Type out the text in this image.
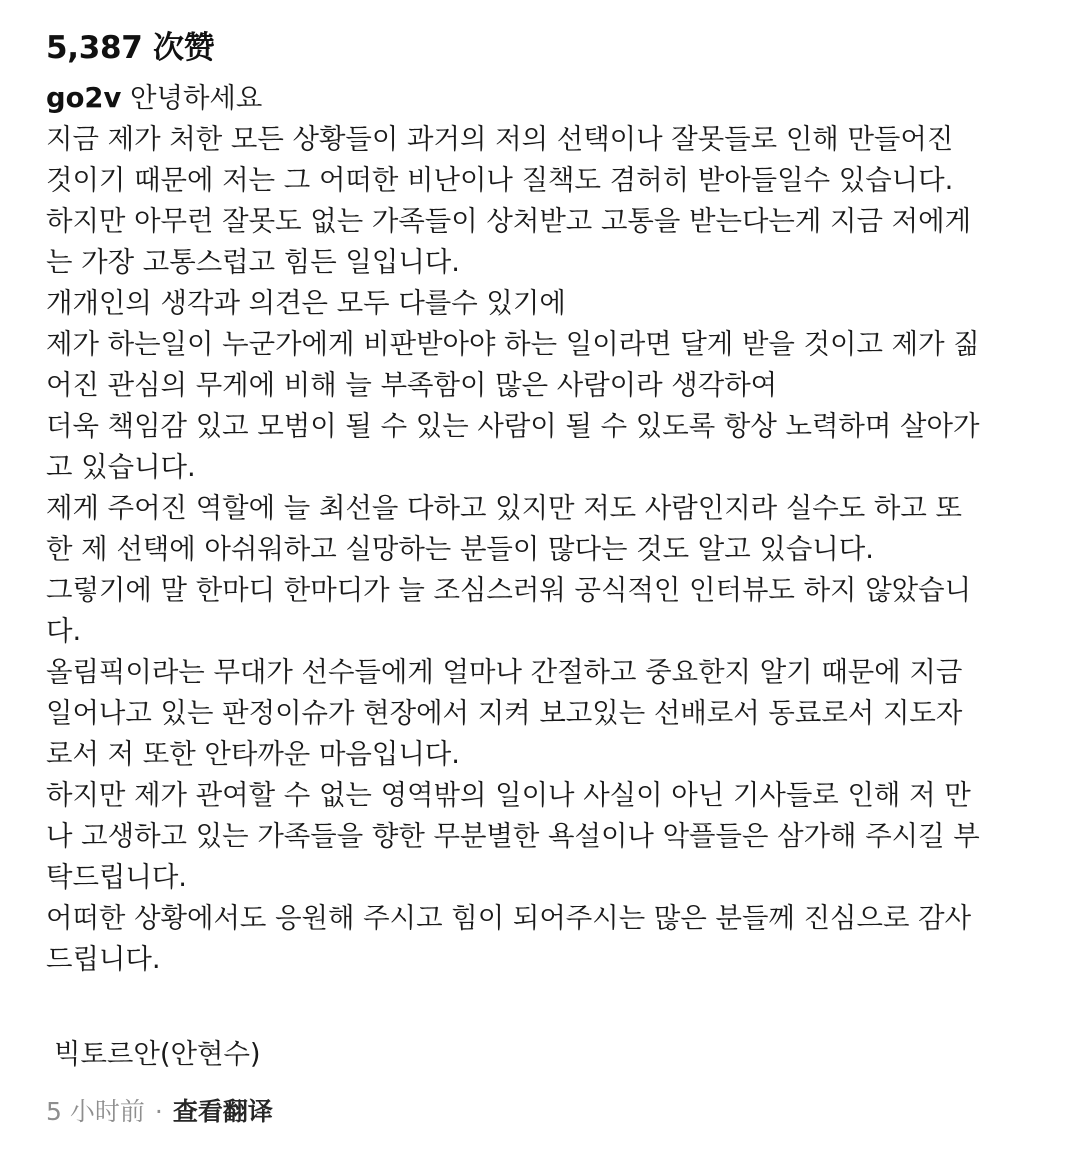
5,387 次赞

go2v 안녕하세요

지금 제가 처한 모든 상황들이 과거의 저의 선택이나 잘못들로 인해 만들어진

것이기 때문에 저는 그 어떠한 비난이나 질책도 겸허히 받아들일수 있습니다.

하지만 아무런 잘못도 없는 가족들이 상처받고 고통을 받는다는게 지금 저에게

는 가장 고통스럽고 힘든 일입니다.

개개인의 생각과 의견은 모두 다를수 있기에

제가 하는일이 누군가에게 비판받아야 하는 일이라면 달게 받을 것이고 제가 짊

어진 관심의 무게에 비해 늘 부족함이 많은 사람이라 생각하여

더욱 책임감 있고 모범이 될 수 있는 사람이 될 수 있도록 항상 노력하며 살아가

고 있습니다.

제게 주어진 역할에 늘 최선을 다하고 있지만 저도 사람인지라 실수도 하고 또

한 제 선택에 아쉬워하고 실망하는 분들이 많다는 것도 알고 있습니다.

그렇기에 말 한마디 한마디가 늘 조심스러워 공식적인 인터뷰도 하지 않았습니

다.

올림픽이라는 무대가 선수들에게 얼마나 간절하고 중요한지 알기 때문에 지금

일어나고 있는 판정이슈가 현장에서 지켜 보고있는 선배로서 동료로서 지도자

로서 저 또한 안타까운 마음입니다.

하지만 제가 관여할 수 없는 영역밖의 일이나 사실이 아닌 기사들로 인해 저 만

나 고생하고 있는 가족들을 향한 무분별한 욕설이나 악플들은 삼가해 주시길 부

탁드립니다.

어떠한 상황에서도 응원해 주시고 힘이 되어주시는 많은 분들께 진심으로 감사

드립니다.

빅토르안(안현수)
5 小时前 · 查看翻译
